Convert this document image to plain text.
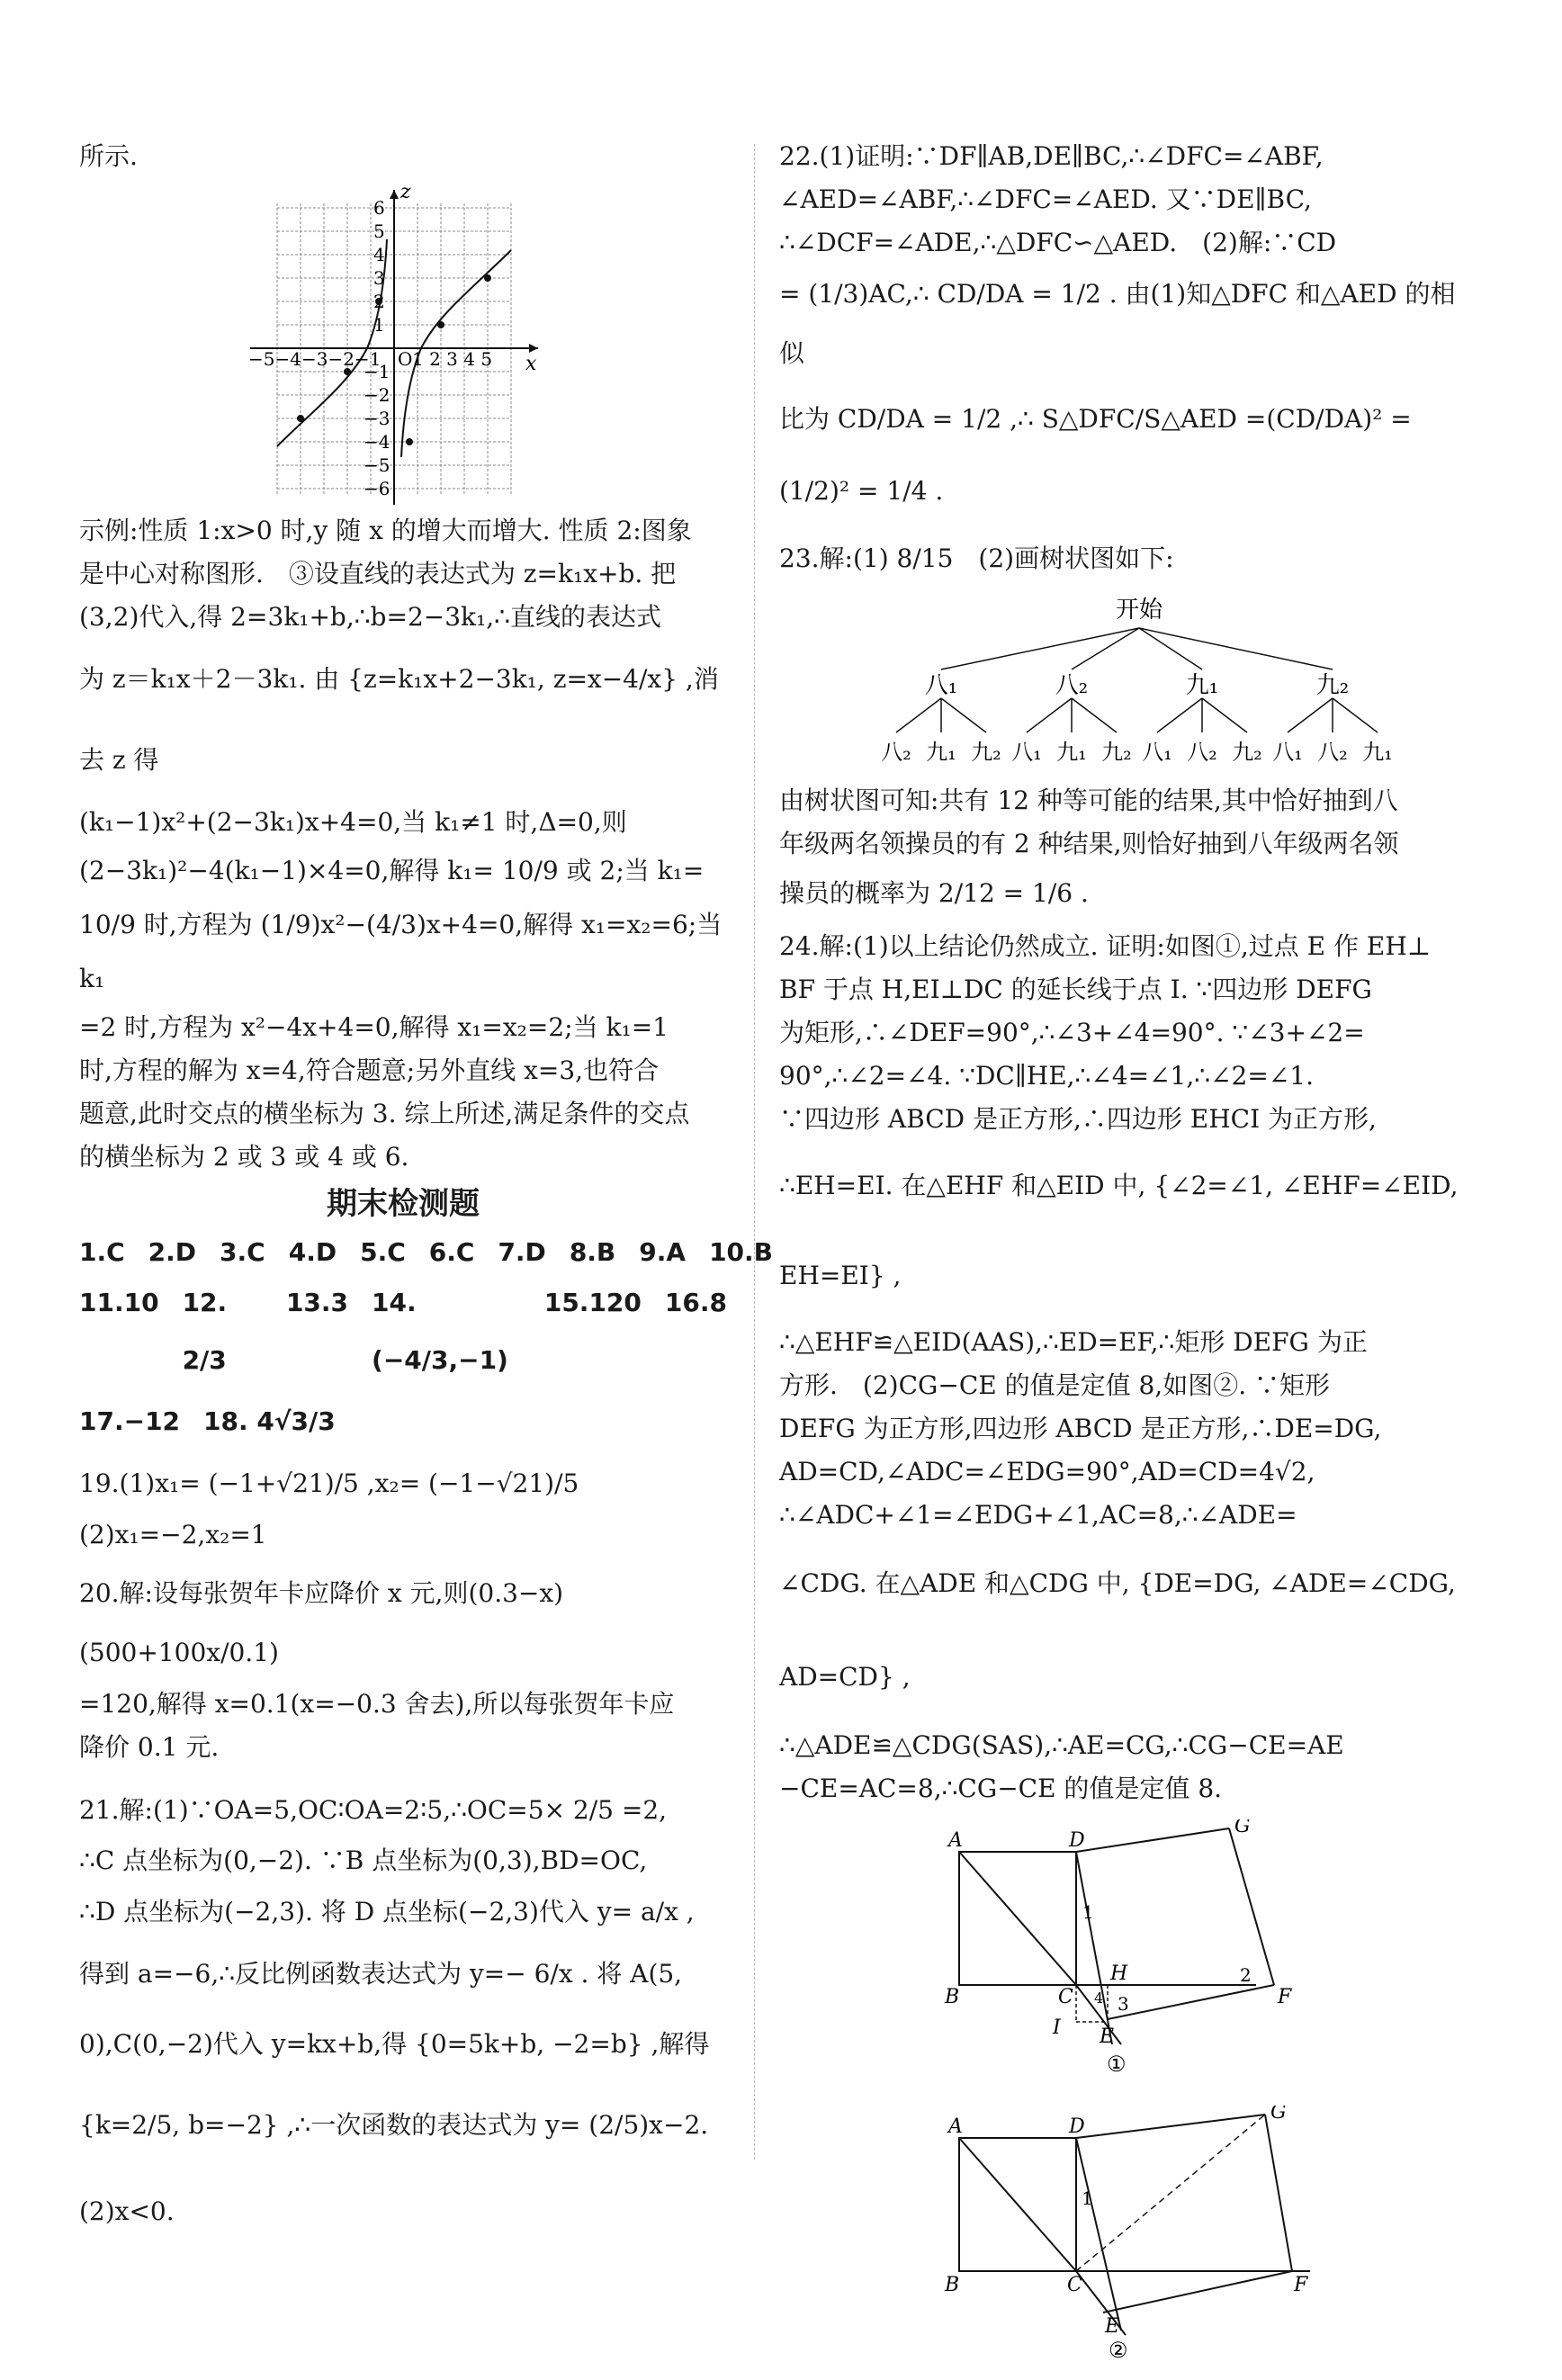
所示.

z
x
O
−5−4−3−2−1 1 2 3 4 5
6
5
4
3
2
1
−1
−2
−3
−4
−5
−6

示例:性质 1:x>0 时,y 随 x 的增大而增大. 性质 2:图象

是中心对称图形.　③设直线的表达式为 z=k₁x+b. 把

(3,2)代入,得 2=3k₁+b,∴b=2−3k₁,∴直线的表达式

为 z＝k₁x＋2－3k₁. 由 {z=k₁x+2−3k₁, z=x−4/x} ,消去 z 得

(k₁−1)x²+(2−3k₁)x+4=0,当 k₁≠1 时,Δ=0,则

(2−3k₁)²−4(k₁−1)×4=0,解得 k₁= 10/9 或 2;当 k₁=

10/9 时,方程为 (1/9)x²−(4/3)x+4=0,解得 x₁=x₂=6;当 k₁

=2 时,方程为 x²−4x+4=0,解得 x₁=x₂=2;当 k₁=1

时,方程的解为 x=4,符合题意;另外直线 x=3,也符合

题意,此时交点的横坐标为 3. 综上所述,满足条件的交点

的横坐标为 2 或 3 或 4 或 6.

期末检测题
1.C 2.D 3.C 4.D 5.C 6.C 7.D 8.B 9.A 10.B
11.10 12. 2/3
13.3 14.(−4/3,−1)
15.120 16.8
17.−12 18. 4√3/3

19.(1)x₁= (−1+√21)/5 ,x₂= (−1−√21)/5

(2)x₁=−2,x₂=1

20.解:设每张贺年卡应降价 x 元,则(0.3−x)(500+100x/0.1)

=120,解得 x=0.1(x=−0.3 舍去),所以每张贺年卡应

降价 0.1 元.

21.解:(1)∵OA=5,OC∶OA=2∶5,∴OC=5× 2/5 =2,

∴C 点坐标为(0,−2). ∵B 点坐标为(0,3),BD=OC,

∴D 点坐标为(−2,3). 将 D 点坐标(−2,3)代入 y= a/x ,

得到 a=−6,∴反比例函数表达式为 y=− 6/x . 将 A(5,

0),C(0,−2)代入 y=kx+b,得 {0=5k+b, −2=b} ,解得

{k=2/5, b=−2} ,∴一次函数的表达式为 y= (2/5)x−2.　(2)x<0.

22.(1)证明:∵DF∥AB,DE∥BC,∴∠DFC=∠ABF,

∠AED=∠ABF,∴∠DFC=∠AED. 又∵DE∥BC,

∴∠DCF=∠ADE,∴△DFC∽△AED.　(2)解:∵CD

= (1/3)AC,∴ CD/DA = 1/2 . 由(1)知△DFC 和△AED 的相似

比为 CD/DA = 1/2 ,∴ S△DFC/S△AED =(CD/DA)² =(1/2)² = 1/4 .

23.解:(1) 8/15　(2)画树状图如下:

开始
八₁	八₂	九₁	九₂
八₂ 九₁ 九₂ 八₁ 九₁ 九₂ 八₁ 八₂ 九₂ 八₁ 八₂ 九₁

由树状图可知:共有 12 种等可能的结果,其中恰好抽到八

年级两名领操员的有 2 种结果,则恰好抽到八年级两名领

操员的概率为 2/12 = 1/6 .

24.解:(1)以上结论仍然成立. 证明:如图①,过点 E 作 EH⊥

BF 于点 H,EI⊥DC 的延长线于点 I. ∵四边形 DEFG

为矩形,∴∠DEF=90°,∴∠3+∠4=90°. ∵∠3+∠2=

90°,∴∠2=∠4. ∵DC∥HE,∴∠4=∠1,∴∠2=∠1.

∵四边形 ABCD 是正方形,∴四边形 EHCI 为正方形,

∴EH=EI. 在△EHF 和△EID 中, {∠2=∠1, ∠EHF=∠EID, EH=EI} ,

∴△EHF≌△EID(AAS),∴ED=EF,∴矩形 DEFG 为正

方形.　(2)CG−CE 的值是定值 8,如图②. ∵矩形

DEFG 为正方形,四边形 ABCD 是正方形,∴DE=DG,

AD=CD,∠ADC=∠EDG=90°,AD=CD=4√2,

∴∠ADC+∠1=∠EDG+∠1,AC=8,∴∠ADE=

∠CDG. 在△ADE 和△CDG 中, {DE=DG, ∠ADE=∠CDG, AD=CD} ,

∴△ADE≌△CDG(SAS),∴AE=CG,∴CG−CE=AE

−CE=AC=8,∴CG−CE 的值是定值 8.

A	D
G
B	C
H
F
I E
1
2
3
4
①
A	D
G
B	C	F
E
1
②
